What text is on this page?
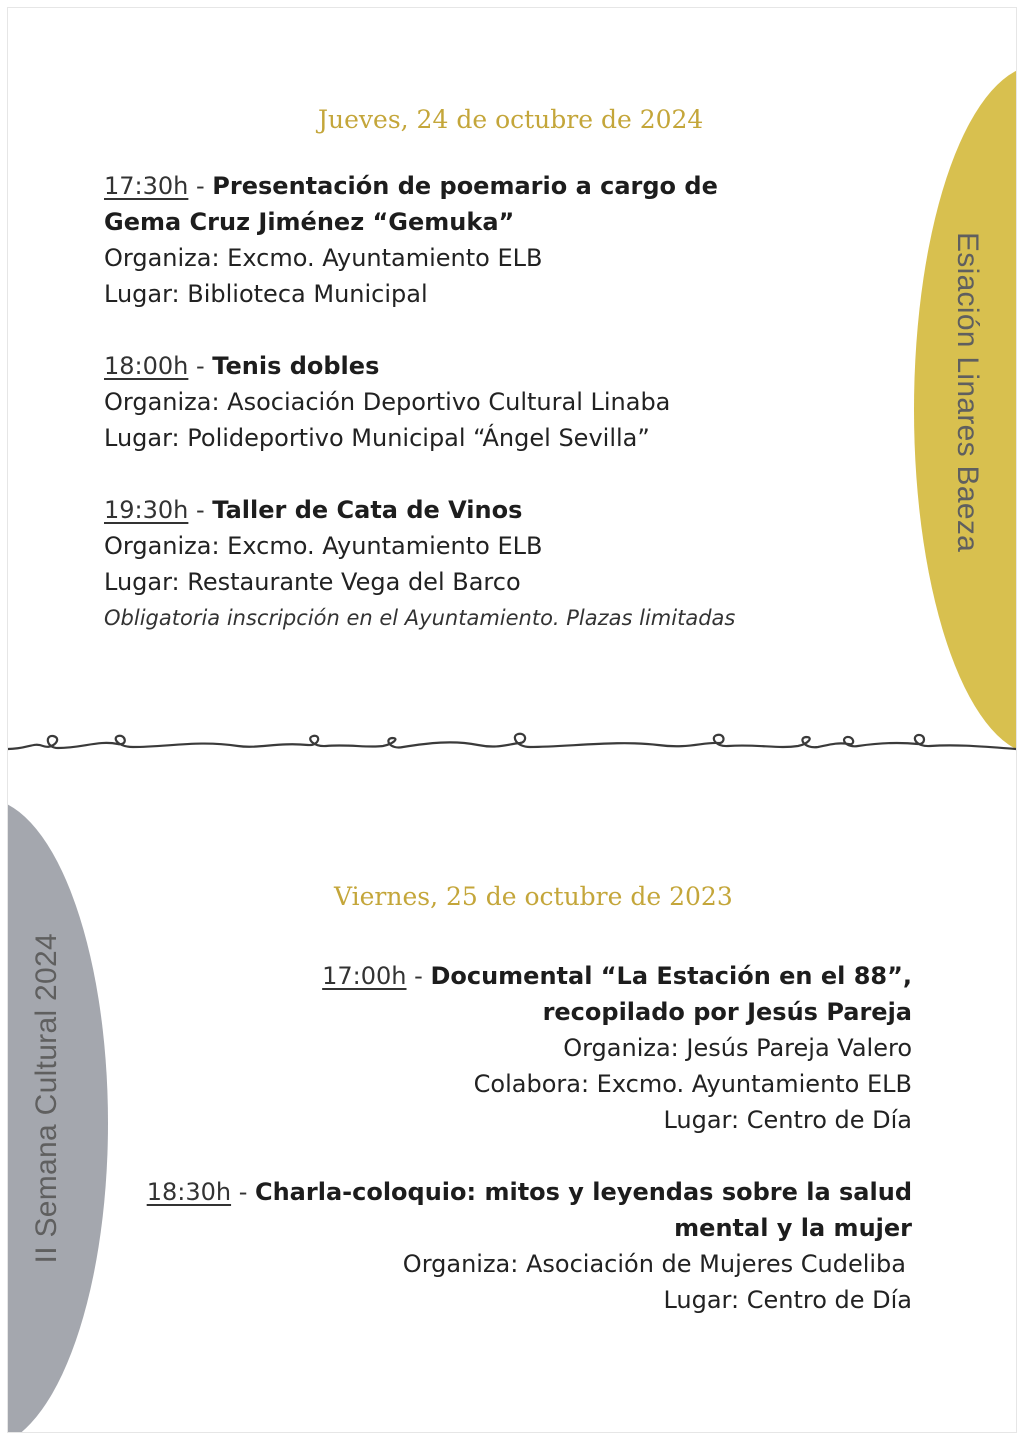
Esiación Linares Baeza
II Semana Cultural 2024
Jueves, 24 de octubre de 2024
17:30h - Presentación de poemario a cargo de
Gema Cruz Jiménez “Gemuka”
Organiza: Excmo. Ayuntamiento ELB
Lugar: Biblioteca Municipal
18:00h - Tenis dobles
Organiza: Asociación Deportivo Cultural Linaba
Lugar: Polideportivo Municipal “Ángel Sevilla”
19:30h - Taller de Cata de Vinos
Organiza: Excmo. Ayuntamiento ELB
Lugar: Restaurante Vega del Barco
Obligatoria inscripción en el Ayuntamiento. Plazas limitadas
Viernes, 25 de octubre de 2023
17:00h - Documental “La Estación en el 88”,
recopilado por Jesús Pareja
Organiza: Jesús Pareja Valero
Colabora: Excmo. Ayuntamiento ELB
Lugar: Centro de Día
18:30h - Charla-coloquio: mitos y leyendas sobre la salud
mental y la mujer
Organiza: Asociación de Mujeres Cudeliba
Lugar: Centro de Día
